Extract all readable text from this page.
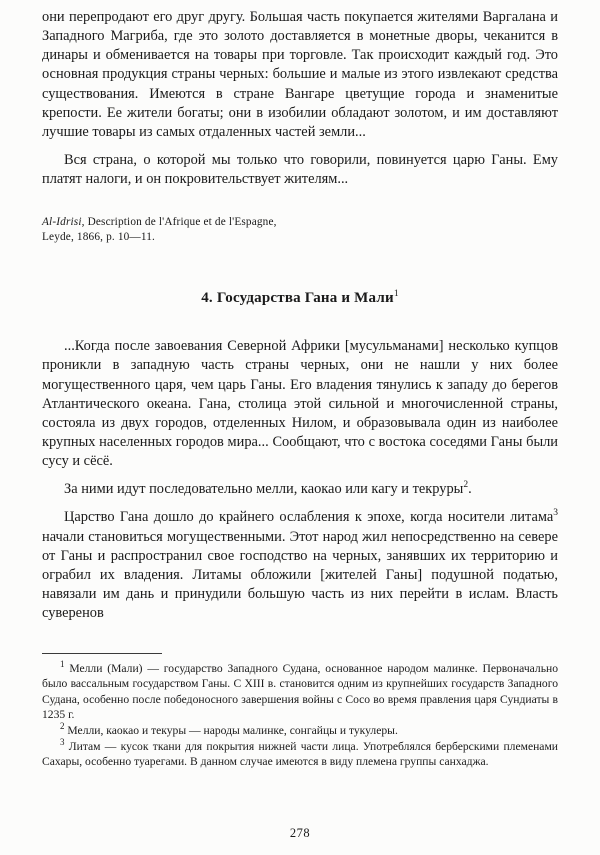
они перепродают его друг другу. Большая часть покупается жителями Варгалана и Западного Магриба, где это золото доставляется в монетные дворы, чеканится в динары и обменивается на товары при торговле. Так происходит каждый год. Это основная продукция страны черных: большие и малые из этого извлекают средства существования. Имеются в стране Вангаре цветущие города и знаменитые крепости. Ее жители богаты; они в изобилии обладают золотом, и им доставляют лучшие товары из самых отдаленных частей земли...

Вся страна, о которой мы только что говорили, повинуется царю Ганы. Ему платят налоги, и он покровительствует жителям...

Al-Idrisi, Description de l'Afrique et de l'Espagne, Leyde, 1866, p. 10—11.

4. Государства Гана и Мали$^1$

...Когда после завоевания Северной Африки [мусульманами] несколько купцов проникли в западную часть страны черных, они не нашли у них более могущественного царя, чем царь Ганы. Его владения тянулись к западу до берегов Атлантического океана. Гана, столица этой сильной и многочисленной страны, состояла из двух городов, отделенных Нилом, и образовывала один из наиболее крупных населенных городов мира... Сообщают, что с востока соседями Ганы были сусу и сёсё.

За ними идут последовательно мелли, каокао или кагу и текруры$^2$.

Царство Гана дошло до крайнего ослабления к эпохе, когда носители литама$^3$ начали становиться могущественными. Этот народ жил непосредственно на севере от Ганы и распространил свое господство на черных, занявших их территорию и ограбил их владения. Литамы обложили [жителей Ганы] подушной податью, навязали им дань и принудили большую часть из них перейти в ислам. Власть суверенов

$^1$ Мелли (Мали) — государство Западного Судана, основанное народом малинке. Первоначально было вассальным государством Ганы. С XIII в. становится одним из крупнейших государств Западного Судана, особенно после победоносного завершения войны с Сосо во время правления царя Сундиаты в 1235 г.

$^2$ Мелли, каокао и текуры — народы малинке, сонгайцы и тукулеры.

$^3$ Литам — кусок ткани для покрытия нижней части лица. Употреблялся берберскими племенами Сахары, особенно туарегами. В данном случае имеются в виду племена группы санхаджа.

278
